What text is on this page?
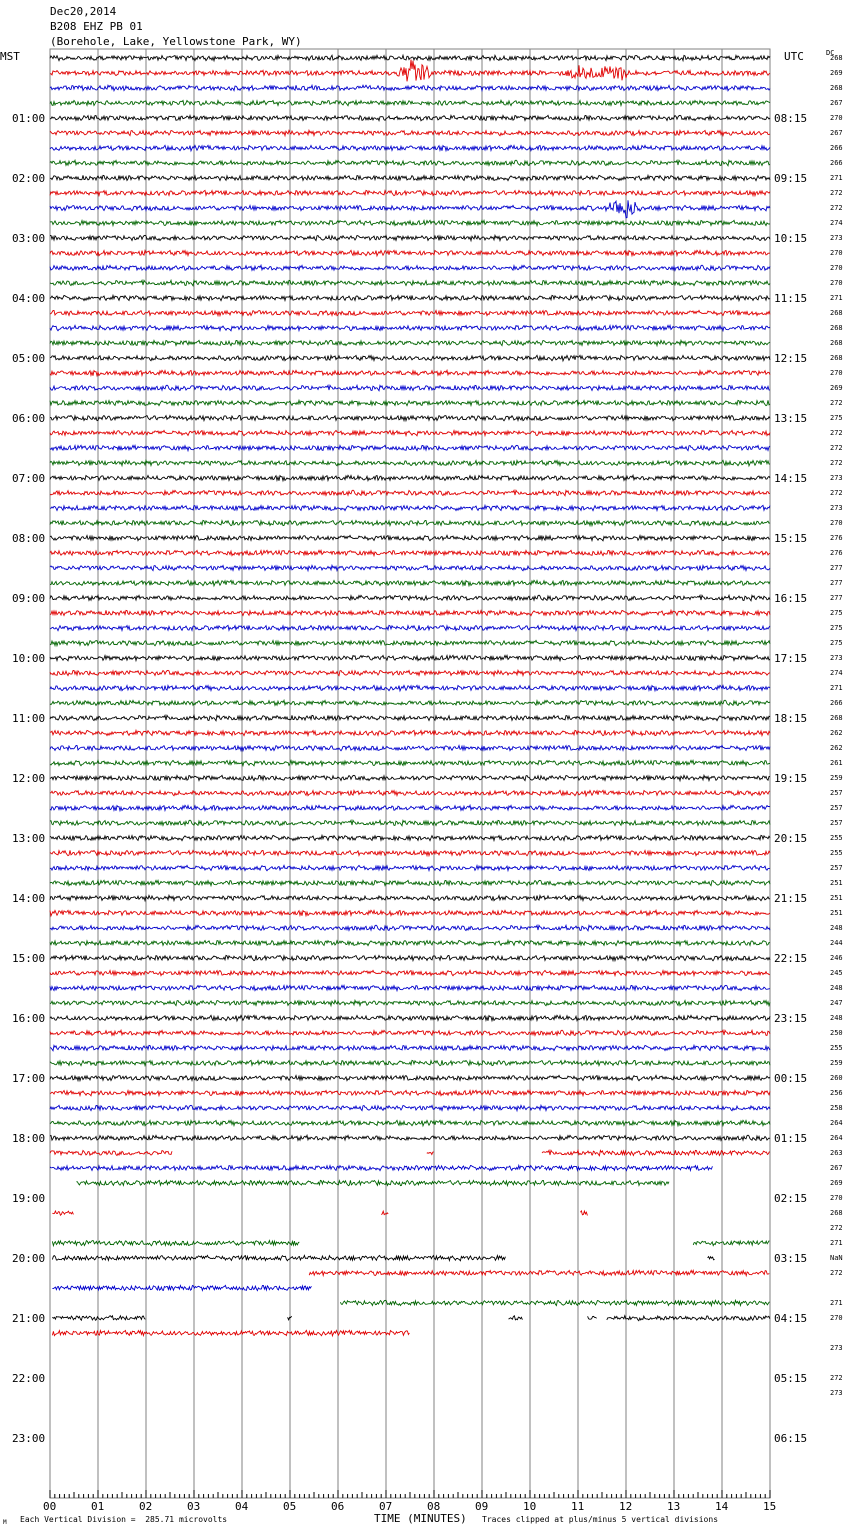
Dec20,2014
B208 EHZ PB 01
(Borehole, Lake, Yellowstone Park, WY)
MST	UTC	DC
01:00
02:00
03:00
04:00
05:00
06:00
07:00
08:00
09:00
10:00
11:00
12:00
13:00
14:00
15:00
16:00
17:00
18:00
19:00
20:00
21:00
22:00
23:00
08:15
09:15
10:15
11:15
12:15
13:15
14:15
15:15
16:15
17:15
18:15
19:15
20:15
21:15
22:15
23:15
00:15
01:15
02:15
03:15
04:15
05:15
06:15
268
269
268
267
270
267
266
266
271
272
272
274
273
270
270
270
271
268
268
268
268
270
269
272
275
272
272
272
273
272
273
270
276
276
277
277
277
275
275
275
273
274
271
266
268
262
262
261
259
257
257
257
255
255
257
251
251
251
248
244
246
245
248
247
248
250
255
259
260
256
258
264
264
263
267
269
270
268
272
271
NaN
272
271
270
273
272
273
00	01	02	03	04	05	06	07	08	09	10	11	12	13	14	15
M Each Vertical Division =  285.71 microvolts	TIME (MINUTES) Traces clipped at plus/minus 5 vertical divisions
